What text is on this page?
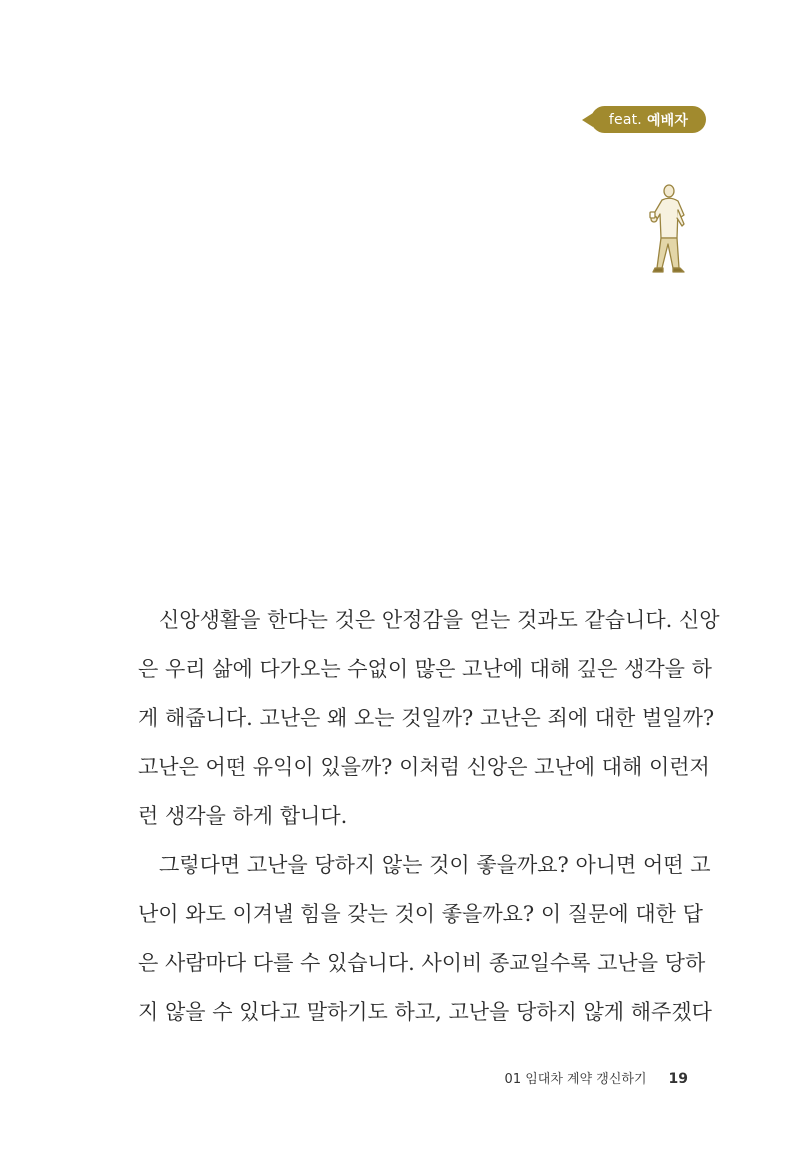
feat. 예배자
신앙생활을 한다는 것은 안정감을 얻는 것과도 같습니다. 신앙
은 우리 삶에 다가오는 수없이 많은 고난에 대해 깊은 생각을 하
게 해줍니다. 고난은 왜 오는 것일까? 고난은 죄에 대한 벌일까?
고난은 어떤 유익이 있을까? 이처럼 신앙은 고난에 대해 이런저
런 생각을 하게 합니다.
그렇다면 고난을 당하지 않는 것이 좋을까요? 아니면 어떤 고
난이 와도 이겨낼 힘을 갖는 것이 좋을까요? 이 질문에 대한 답
은 사람마다 다를 수 있습니다. 사이비 종교일수록 고난을 당하
지 않을 수 있다고 말하기도 하고, 고난을 당하지 않게 해주겠다
01 임대차 계약 갱신하기 19
